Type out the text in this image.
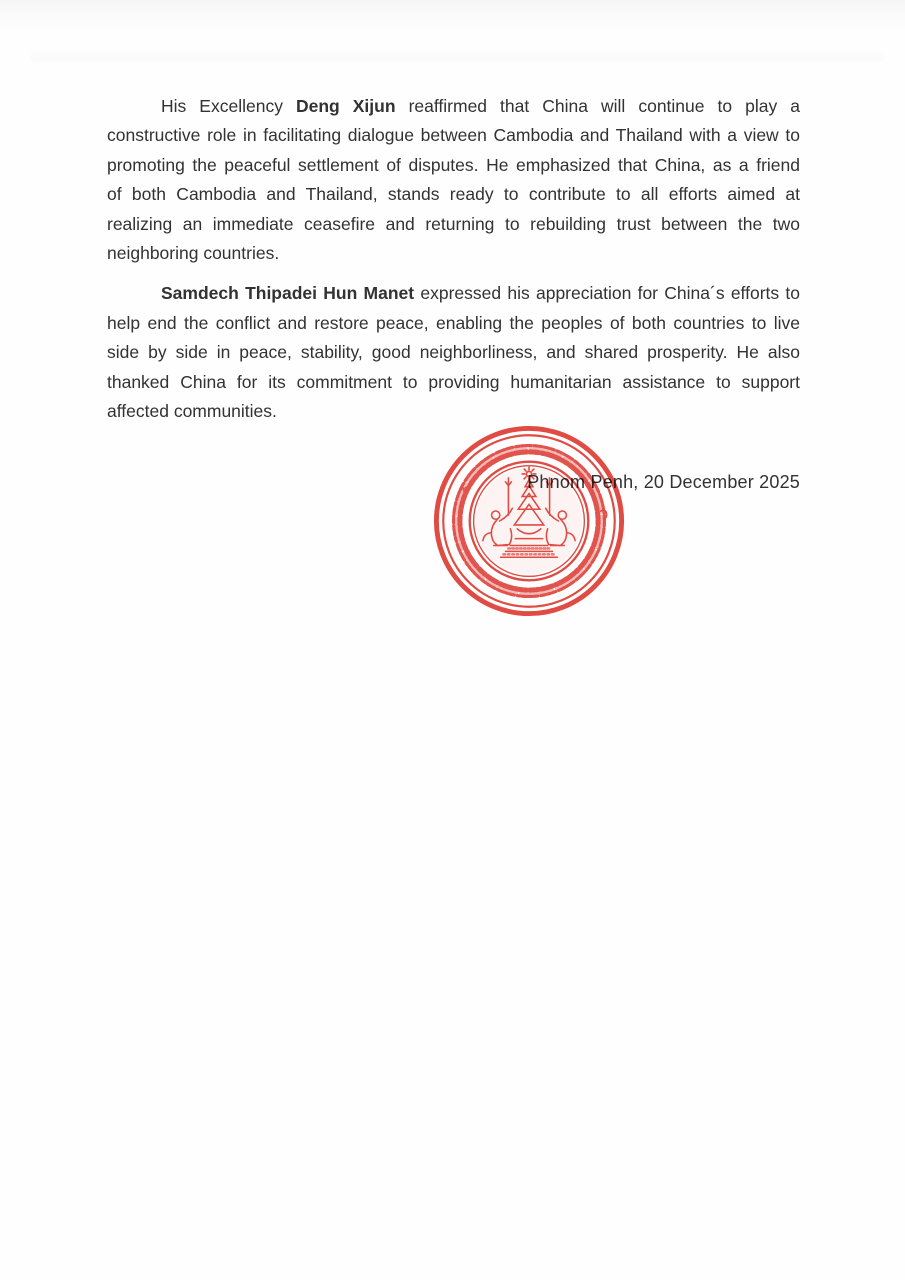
His Excellency Deng Xijun reaffirmed that China will continue to play a
constructive role in facilitating dialogue between Cambodia and Thailand with a view to
promoting the peaceful settlement of disputes. He emphasized that China, as a friend
of both Cambodia and Thailand, stands ready to contribute to all efforts aimed at
realizing an immediate ceasefire and returning to rebuilding trust between the two
neighboring countries.
Samdech Thipadei Hun Manet expressed his appreciation for China´s efforts to
help end the conflict and restore peace, enabling the peoples of both countries to live
side by side in peace, stability, good neighborliness, and shared prosperity. He also
thanked China for its commitment to providing humanitarian assistance to support
affected communities.
Phnom Penh, 20 December 2025
*
